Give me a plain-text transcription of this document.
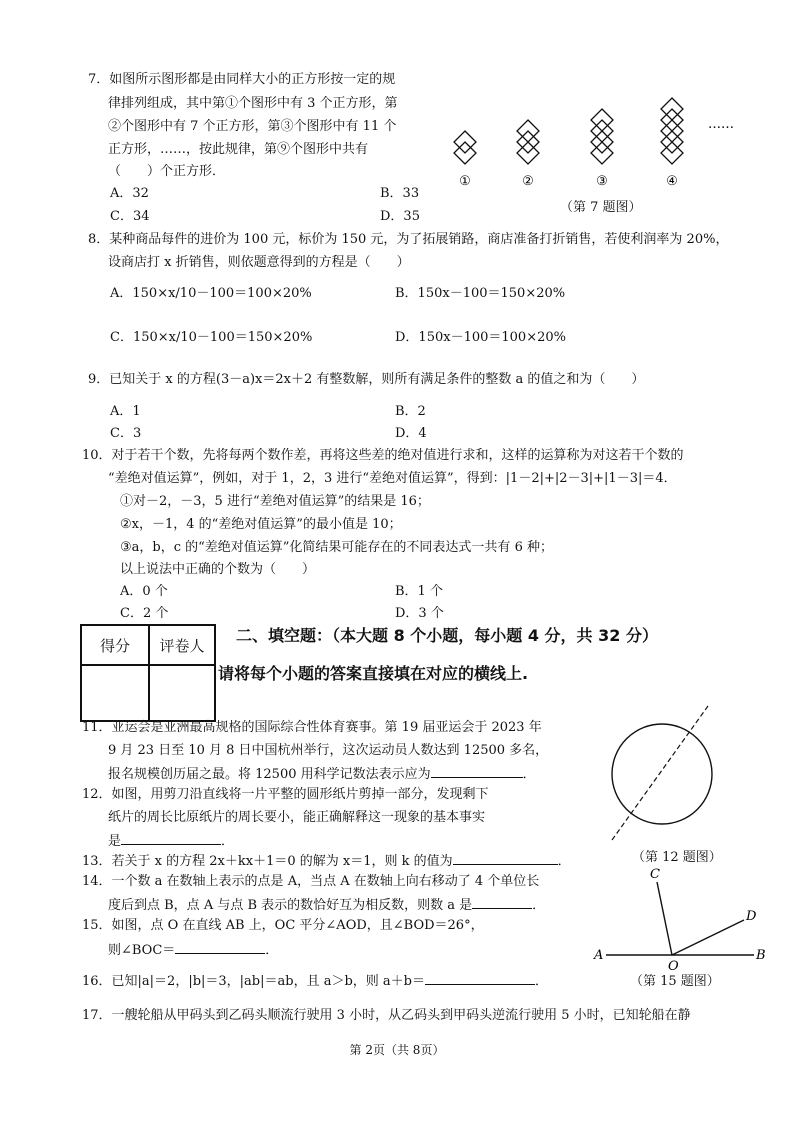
7．如图所示图形都是由同样大小的正方形按一定的规
律排列组成，其中第①个图形中有 3 个正方形，第
②个图形中有 7 个正方形，第③个图形中有 11 个
正方形，……，按此规律，第⑨个图形中共有
（　　）个正方形．
A．32	B．33
C．34	D．35
①	②	③	④
……
（第 7 题图）
8．某种商品每件的进价为 100 元，标价为 150 元，为了拓展销路，商店准备打折销售，若使利润率为 20%，
设商店打 x 折销售，则依题意得到的方程是（　　）
A．150×x/10－100＝100×20%	B．150x－100＝150×20%
C．150×x/10－100＝150×20%	D．150x－100＝100×20%
9．已知关于 x 的方程(3－a)x＝2x＋2 有整数解，则所有满足条件的整数 a 的值之和为（　　）
A．1	B．2
C．3	D．4
10．对于若干个数，先将每两个数作差，再将这些差的绝对值进行求和，这样的运算称为对这若干个数的
“差绝对值运算”，例如，对于 1，2，3 进行“差绝对值运算”，得到：|1－2|+|2－3|+|1－3|＝4．
①对－2，－3，5 进行“差绝对值运算”的结果是 16；
②x，－1，4 的“差绝对值运算”的最小值是 10；
③a，b，c 的“差绝对值运算”化简结果可能存在的不同表达式一共有 6 种；
以上说法中正确的个数为（　　）
A．0 个	B．1 个
C．2 个	D．3 个
得分	评卷人

二、填空题：（本大题 8 个小题，每小题 4 分，共 32 分）
请将每个小题的答案直接填在对应的横线上.
11．亚运会是亚洲最高规格的国际综合性体育赛事。第 19 届亚运会于 2023 年
9 月 23 日至 10 月 8 日中国杭州举行，这次运动员人数达到 12500 多名，
报名规模创历届之最。将 12500 用科学记数法表示应为	．
12．如图，用剪刀沿直线将一片平整的圆形纸片剪掉一部分，发现剩下
纸片的周长比原纸片的周长要小，能正确解释这一现象的基本事实
是	．
（第 12 题图）
13．若关于 x 的方程 2x＋kx＋1＝0 的解为 x＝1，则 k 的值为	．
14．一个数 a 在数轴上表示的点是 A，当点 A 在数轴上向右移动了 4 个单位长
度后到点 B，点 A 与点 B 表示的数恰好互为相反数，则数 a 是	．
15．如图，点 O 在直线 AB 上，OC 平分∠AOD，且∠BOD＝26°，
则∠BOC＝	．	A	B
C
D
O
（第 15 题图）
16．已知|a|＝2，|b|＝3，|ab|＝ab，且 a＞b，则 a＋b＝	．
17．一艘轮船从甲码头到乙码头顺流行驶用 3 小时，从乙码头到甲码头逆流行驶用 5 小时，已知轮船在静
第 2页（共 8页）
